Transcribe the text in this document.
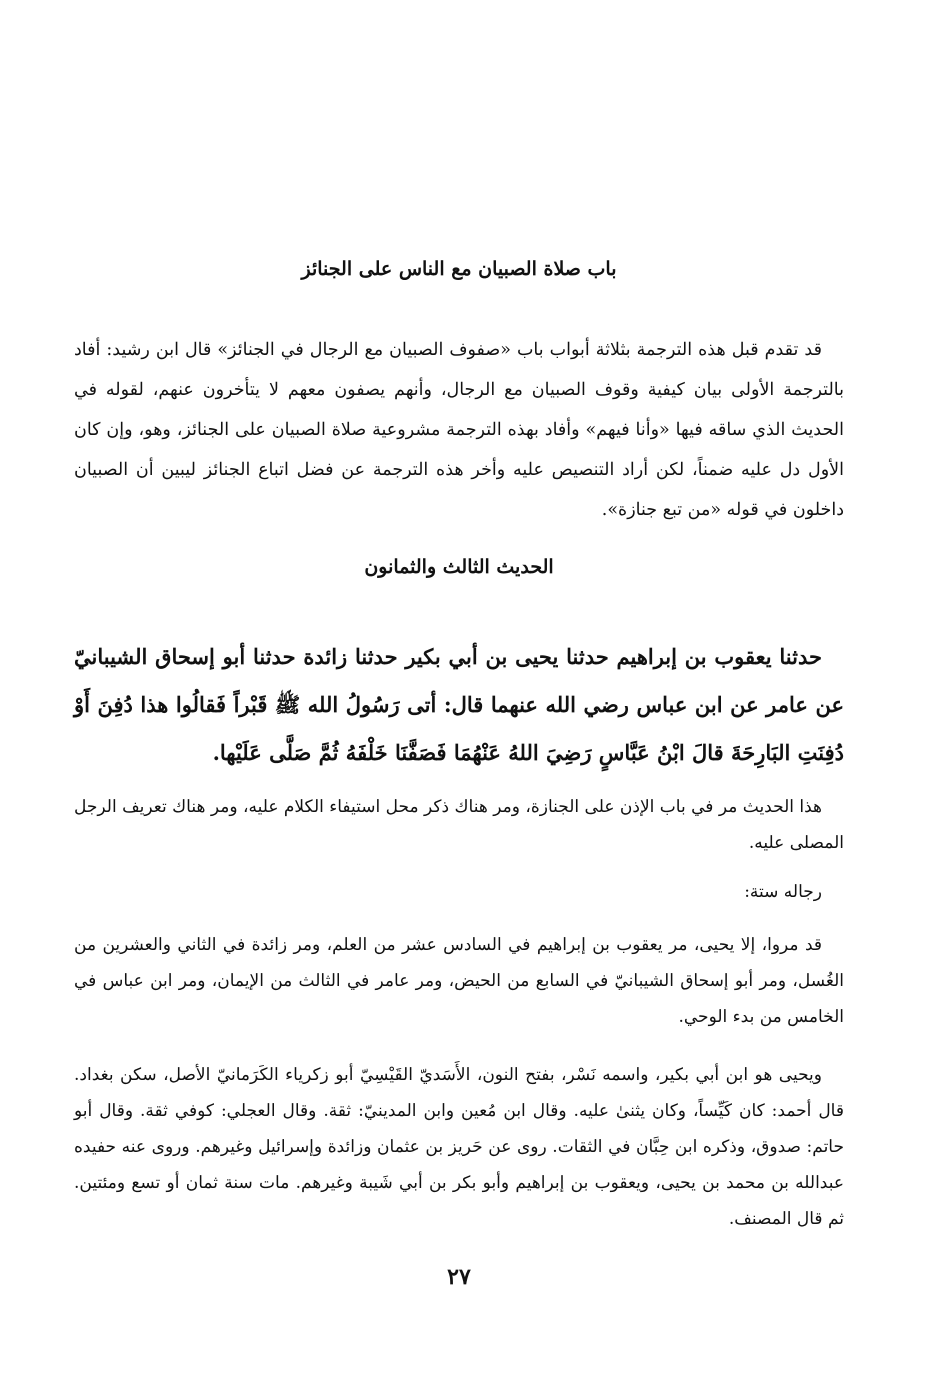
باب صلاة الصبيان مع الناس على الجنائز

قد تقدم قبل هذه الترجمة بثلاثة أبواب باب «صفوف الصبيان مع الرجال في الجنائز» قال ابن رشيد: أفاد بالترجمة الأولى بيان كيفية وقوف الصبيان مع الرجال، وأنهم يصفون معهم لا يتأخرون عنهم، لقوله في الحديث الذي ساقه فيها «وأنا فيهم» وأفاد بهذه الترجمة مشروعية صلاة الصبيان على الجنائز، وهو، وإن كان الأول دل عليه ضمناً، لكن أراد التنصيص عليه وأخر هذه الترجمة عن فضل اتباع الجنائز ليبين أن الصبيان داخلون في قوله «من تبع جنازة».

الحديث الثالث والثمانون

حدثنا يعقوب بن إبراهيم حدثنا يحيى بن أبي بكير حدثنا زائدة حدثنا أبو إسحاق الشيبانيّ عن عامر عن ابن عباس رضي الله عنهما قال: أتى رَسُولُ الله ﷺ قَبْراً فَقالُوا هذا دُفِنَ أَوْ دُفِنَتِ البَارِحَةَ قالَ ابْنُ عَبَّاسٍ رَضِيَ اللهُ عَنْهُمَا فَصَفَّنَا خَلْفَهُ ثُمَّ صَلَّى عَلَيْها.

هذا الحديث مر في باب الإذن على الجنازة، ومر هناك ذكر محل استيفاء الكلام عليه، ومر هناك تعريف الرجل المصلى عليه.

رجاله ستة:

قد مروا، إلا يحيى، مر يعقوب بن إبراهيم في السادس عشر من العلم، ومر زائدة في الثاني والعشرين من الغُسل، ومر أبو إسحاق الشيبانيّ في السابع من الحيض، ومر عامر في الثالث من الإيمان، ومر ابن عباس في الخامس من بدء الوحي.

ويحيى هو ابن أبي بكير، واسمه نَسْر، بفتح النون، الأَسَديّ القَيْسِيّ أبو زكرياء الكَرَمانيّ الأصل، سكن بغداد. قال أحمد: كان كَيِّساً، وكان يثنىٰ عليه. وقال ابن مُعين وابن المدينيّ: ثقة. وقال العجلي: كوفي ثقة. وقال أبو حاتم: صدوق، وذكره ابن حِبَّان في الثقات. روى عن حَريز بن عثمان وزائدة وإسرائيل وغيرهم. وروى عنه حفيده عبدالله بن محمد بن يحيى، ويعقوب بن إبراهيم وأبو بكر بن أبي شَيبة وغيرهم. مات سنة ثمان أو تسع ومئتين. ثم قال المصنف.

٢٧
